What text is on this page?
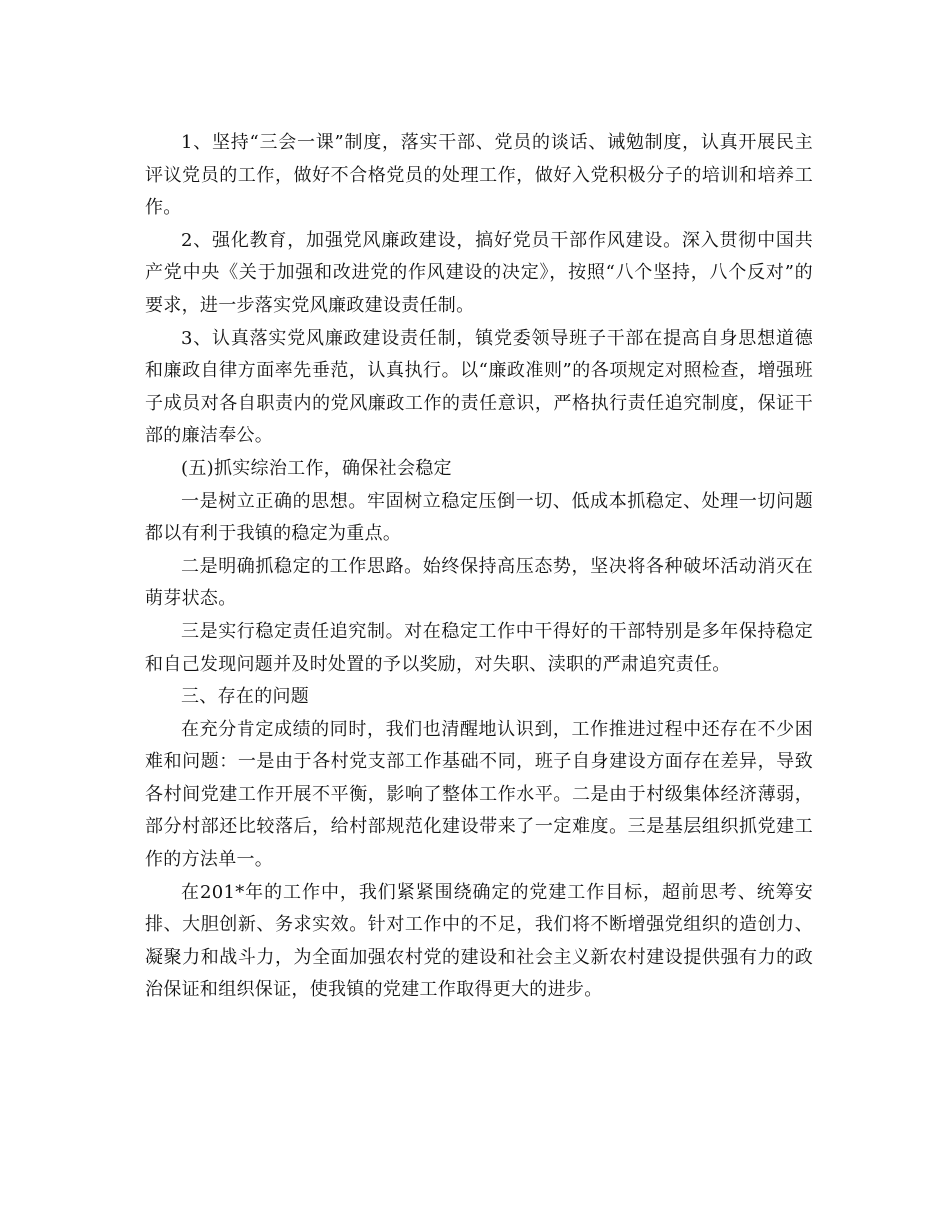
1、坚持“三会一课”制度，落实干部、党员的谈话、诫勉制度，认真开展民主评议党员的工作，做好不合格党员的处理工作，做好入党积极分子的培训和培养工作。

2、强化教育，加强党风廉政建设，搞好党员干部作风建设。深入贯彻中国共产党中央《关于加强和改进党的作风建设的决定》，按照“八个坚持，八个反对”的要求，进一步落实党风廉政建设责任制。

3、认真落实党风廉政建设责任制，镇党委领导班子干部在提高自身思想道德和廉政自律方面率先垂范，认真执行。以“廉政准则”的各项规定对照检查，增强班子成员对各自职责内的党风廉政工作的责任意识，严格执行责任追究制度，保证干部的廉洁奉公。

(五)抓实综治工作，确保社会稳定

一是树立正确的思想。牢固树立稳定压倒一切、低成本抓稳定、处理一切问题都以有利于我镇的稳定为重点。

二是明确抓稳定的工作思路。始终保持高压态势，坚决将各种破坏活动消灭在萌芽状态。

三是实行稳定责任追究制。对在稳定工作中干得好的干部特别是多年保持稳定和自己发现问题并及时处置的予以奖励，对失职、渎职的严肃追究责任。

三、存在的问题

在充分肯定成绩的同时，我们也清醒地认识到，工作推进过程中还存在不少困难和问题：一是由于各村党支部工作基础不同，班子自身建设方面存在差异，导致各村间党建工作开展不平衡，影响了整体工作水平。二是由于村级集体经济薄弱，部分村部还比较落后，给村部规范化建设带来了一定难度。三是基层组织抓党建工作的方法单一。

在201*年的工作中，我们紧紧围绕确定的党建工作目标，超前思考、统筹安排、大胆创新、务求实效。针对工作中的不足，我们将不断增强党组织的造创力、凝聚力和战斗力，为全面加强农村党的建设和社会主义新农村建设提供强有力的政治保证和组织保证，使我镇的党建工作取得更大的进步。
